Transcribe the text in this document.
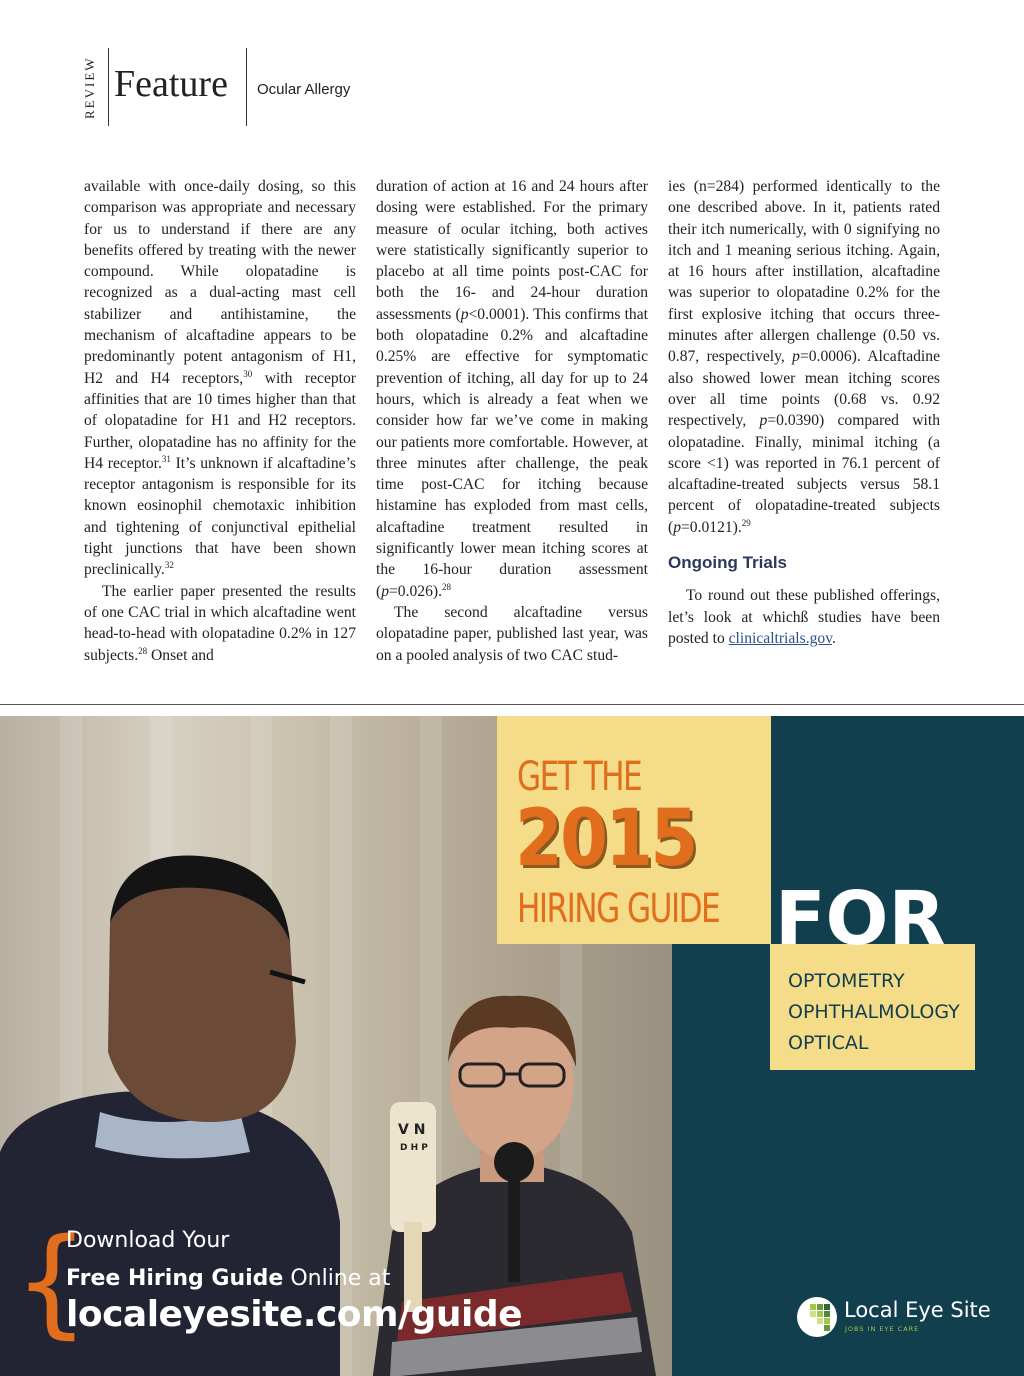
REVIEW Feature Ocular Allergy

available with once-daily dosing, so this comparison was appropriate and necessary for us to understand if there are any benefits offered by treating with the newer compound. While olopatadine is recognized as a dual-acting mast cell stabilizer and antihistamine, the mechanism of alcaftadine appears to be predominantly potent antagonism of H1, H2 and H4 receptors,$^{30}$ with receptor affinities that are 10 times higher than that of olopatadine for H1 and H2 receptors. Further, olopatadine has no affinity for the H4 receptor.$^{31}$ It’s unknown if alcaftadine’s receptor antagonism is responsible for its known eosinophil chemotaxic inhibition and tightening of conjunctival epithelial tight junctions that have been shown preclinically.$^{32}$

The earlier paper presented the results of one CAC trial in which alcaftadine went head-to-head with olopatadine 0.2% in 127 subjects.$^{28}$ Onset and

duration of action at 16 and 24 hours after dosing were established. For the primary measure of ocular itching, both actives were statistically significantly superior to placebo at all time points post-CAC for both the 16- and 24-hour duration assessments (p<0.0001). This confirms that both olopatadine 0.2% and alcaftadine 0.25% are effective for symptomatic prevention of itching, all day for up to 24 hours, which is already a feat when we consider how far we’ve come in making our patients more comfortable. However, at three minutes after challenge, the peak time post-CAC for itching because histamine has exploded from mast cells, alcaftadine treatment resulted in significantly lower mean itching scores at the 16-hour duration assessment (p=0.026).$^{28}$

The second alcaftadine versus olopatadine paper, published last year, was on a pooled analysis of two CAC stud-

ies (n=284) performed identically to the one described above. In it, patients rated their itch numerically, with 0 signifying no itch and 1 meaning serious itching. Again, at 16 hours after instillation, alcaftadine was superior to olopatadine 0.2% for the first explosive itching that occurs three-minutes after allergen challenge (0.50 vs. 0.87, respectively, p=0.0006). Alcaftadine also showed lower mean itching scores over all time points (0.68 vs. 0.92 respectively, p=0.0390) compared with olopatadine. Finally, minimal itching (a score <1) was reported in 76.1 percent of alcaftadine-treated subjects versus 58.1 percent of olopatadine-treated subjects (p=0.0121).$^{29}$

Ongoing Trials

To round out these published offerings, let’s look at whichß studies have been posted to clinicaltrials.gov.

V N
D H P
GET THE
2015
HIRING GUIDE FOR
OPTOMETRY
OPHTHALMOLOGY
OPTICAL
{
Download Your
Free Hiring Guide Online at
localeyesite.com/guide	Local Eye Site
JOBS IN EYE CARE
